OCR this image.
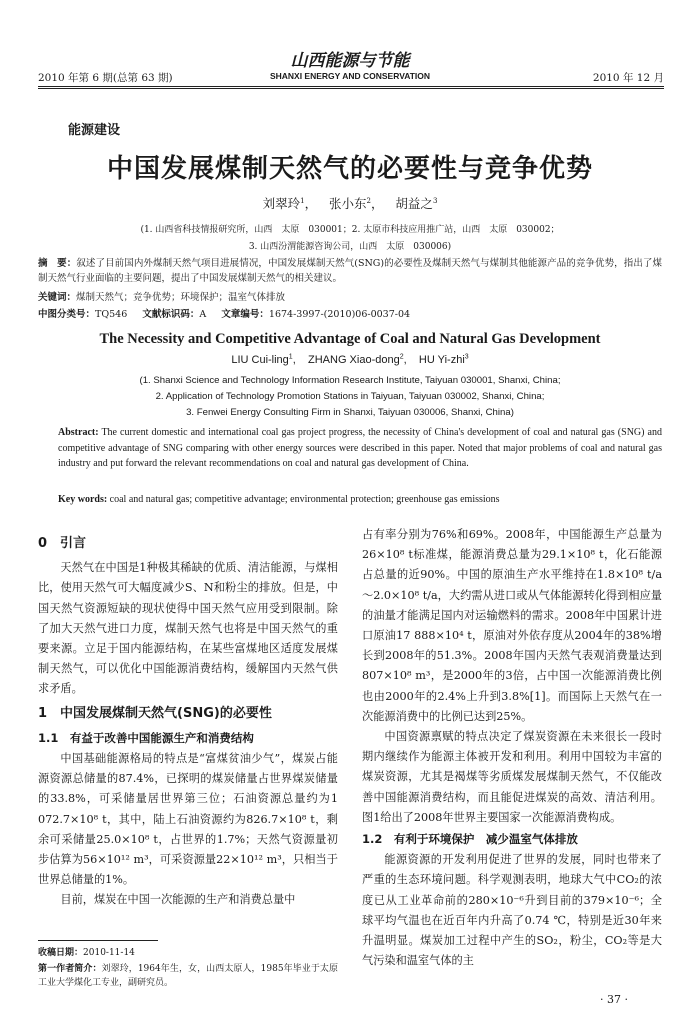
2010 年第 6 期(总第 63 期)
山西能源与节能
SHANXI ENERGY AND CONSERVATION	2010 年 12 月
能源建设
中国发展煤制天然气的必要性与竞争优势
刘翠玲$^1$， 张小东$^2$， 胡益之$^3$
(1. 山西省科技情报研究所，山西　太原　030001；2. 太原市科技应用推广站，山西　太原　030002；
3. 山西汾渭能源咨询公司，山西　太原　030006)
摘　要：叙述了目前国内外煤制天然气项目进展情况，中国发展煤制天然气(SNG)的必要性及煤制天然气与煤制其他能源产品的竞争优势，指出了煤制天然气行业面临的主要问题，提出了中国发展煤制天然气的相关建议。
关键词：煤制天然气；竞争优势；环境保护；温室气体排放
中图分类号：TQ546 文献标识码：A 文章编号：1674-3997-(2010)06-0037-04
The Necessity and Competitive Advantage of Coal and Natural Gas Development
LIU Cui-ling$^1$, ZHANG Xiao-dong$^2$, HU Yi-zhi$^3$
(1. Shanxi Science and Technology Information Research Institute, Taiyuan 030001, Shanxi, China;
2. Application of Technology Promotion Stations in Taiyuan, Taiyuan 030002, Shanxi, China;
3. Fenwei Energy Consulting Firm in Shanxi, Taiyuan 030006, Shanxi, China)
Abstract: The current domestic and international coal gas project progress, the necessity of China's development of coal and natural gas (SNG) and competitive advantage of SNG comparing with other energy sources were described in this paper. Noted that major problems of coal and natural gas industry and put forward the relevant recommendations on coal and natural gas development of China.
Key words: coal and natural gas; competitive advantage; environmental protection; greenhouse gas emissions
0　引言

天然气在中国是1种极其稀缺的优质、清洁能源，与煤相比，使用天然气可大幅度减少S、N和粉尘的排放。但是，中国天然气资源短缺的现状使得中国天然气应用受到限制。除了加大天然气进口力度，煤制天然气也将是中国天然气的重要来源。立足于国内能源结构，在某些富煤地区适度发展煤制天然气，可以优化中国能源消费结构，缓解国内天然气供求矛盾。

1　中国发展煤制天然气(SNG)的必要性
1.1　有益于改善中国能源生产和消费结构

中国基础能源格局的特点是“富煤贫油少气”，煤炭占能源资源总储量的87.4%，已探明的煤炭储量占世界煤炭储量的33.8%，可采储量居世界第三位；石油资源总量约为1 072.7×10⁸ t，其中，陆上石油资源约为826.7×10⁸ t，剩余可采储量25.0×10⁸ t，占世界的1.7%；天然气资源量初步估算为56×10¹² m³，可采资源量22×10¹² m³，只相当于世界总储量的1%。

目前，煤炭在中国一次能源的生产和消费总量中

收稿日期：2010-11-14
第一作者简介：刘翠玲，1964年生，女，山西太原人，1985年毕业于太原工业大学煤化工专业，副研究员。

占有率分别为76%和69%。2008年，中国能源生产总量为26×10⁸ t标准煤，能源消费总量为29.1×10⁸ t，化石能源占总量的近90%。中国的原油生产水平维持在1.8×10⁸ t/a～2.0×10⁸ t/a，大约需从进口或从气体能源转化得到相应量的油量才能满足国内对运输燃料的需求。2008年中国累计进口原油17 888×10⁴ t，原油对外依存度从2004年的38%增长到2008年的51.3%。2008年国内天然气表观消费量达到807×10⁸ m³，是2000年的3倍，占中国一次能源消费比例也由2000年的2.4%上升到3.8%[1]。而国际上天然气在一次能源消费中的比例已达到25%。

中国资源禀赋的特点决定了煤炭资源在未来很长一段时期内继续作为能源主体被开发和利用。利用中国较为丰富的煤炭资源，尤其是褐煤等劣质煤发展煤制天然气，不仅能改善中国能源消费结构，而且能促进煤炭的高效、清洁利用。图1给出了2008年世界主要国家一次能源消费构成。

1.2　有利于环境保护　减少温室气体排放

能源资源的开发利用促进了世界的发展，同时也带来了严重的生态环境问题。科学观测表明，地球大气中CO₂的浓度已从工业革命前的280×10⁻⁶升到目前的379×10⁻⁶；全球平均气温也在近百年内升高了0.74 ℃，特别是近30年来升温明显。煤炭加工过程中产生的SO₂，粉尘，CO₂等是大气污染和温室气体的主

· 37 ·
